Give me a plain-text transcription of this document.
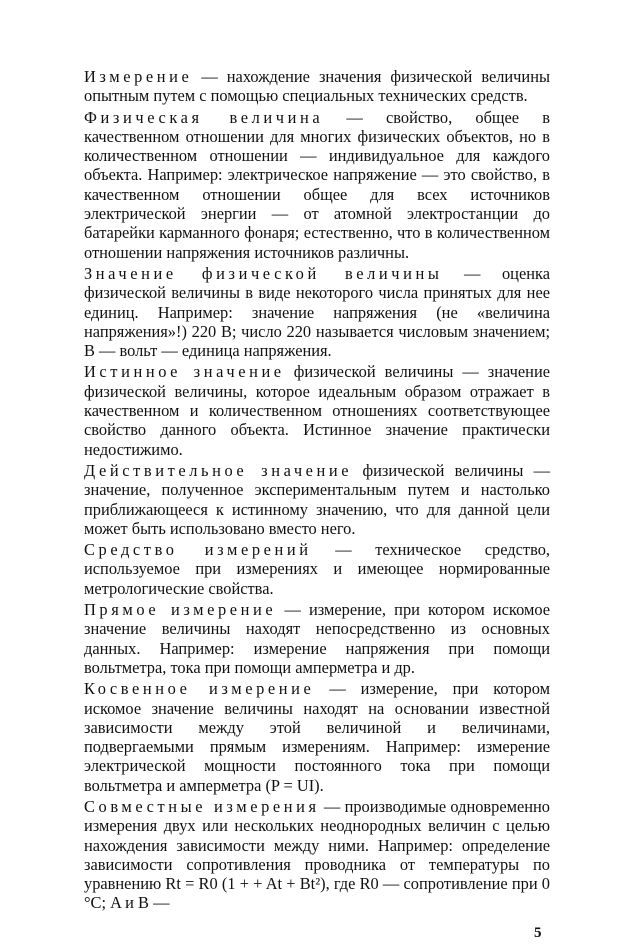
Измерение — нахождение значения физической величины опытным путем с помощью специальных технических средств.

Физическая величина — свойство, общее в качественном отношении для многих физических объектов, но в количественном отношении — индивидуальное для каждого объекта. Например: электрическое напряжение — это свойство, в качественном отношении общее для всех источников электрической энергии — от атомной электростанции до батарейки карманного фонаря; естественно, что в количественном отношении напряжения источников различны.

Значение физической величины — оценка физической величины в виде некоторого числа принятых для нее единиц. Например: значение напряжения (не «величина напряжения»!) 220 В; число 220 называется числовым значением; В — вольт — единица напряжения.

Истинное значение физической величины — значение физической величины, которое идеальным образом отражает в качественном и количественном отношениях соответствующее свойство данного объекта. Истинное значение практически недостижимо.

Действительное значение физической величины — значение, полученное экспериментальным путем и настолько приближающееся к истинному значению, что для данной цели может быть использовано вместо него.

Средство измерений — техническое средство, используемое при измерениях и имеющее нормированные метрологические свойства.

Прямое измерение — измерение, при котором искомое значение величины находят непосредственно из основных данных. Например: измерение напряжения при помощи вольтметра, тока при помощи амперметра и др.

Косвенное измерение — измерение, при котором искомое значение величины находят на основании известной зависимости между этой величиной и величинами, подвергаемыми прямым измерениям. Например: измерение электрической мощности постоянного тока при помощи вольтметра и амперметра (P = UI).

Совместные измерения — производимые одновременно измерения двух или нескольких неоднородных величин с целью нахождения зависимости между ними. Например: определение зависимости сопротивления проводника от температуры по уравнению Rt = R0 (1 + + At + Bt²), где R0 — сопротивление при 0 °С; A и B —

5
